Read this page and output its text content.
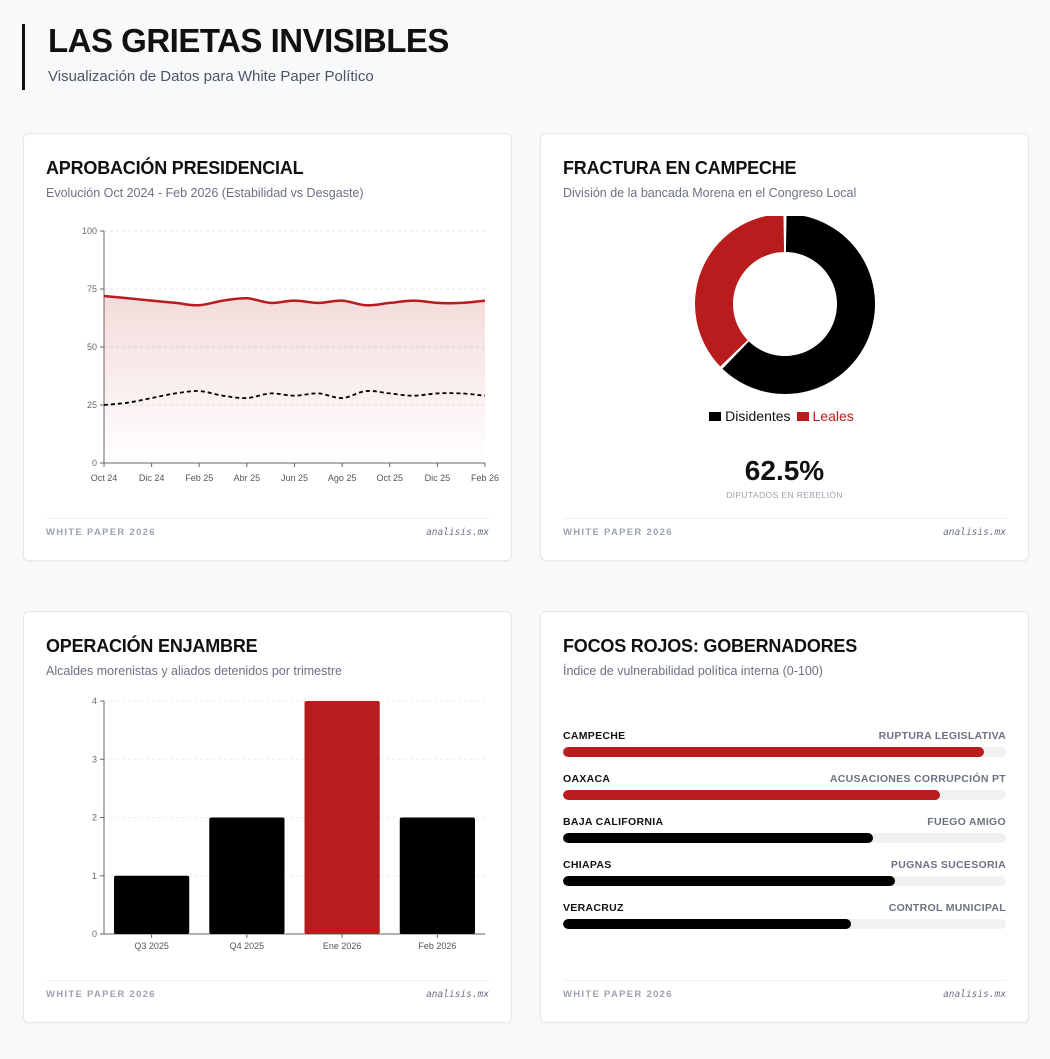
LAS GRIETAS INVISIBLES

Visualización de Datos para White Paper Político

APROBACIÓN PRESIDENCIAL
Evolución Oct 2024 - Feb 2026 (Estabilidad vs Desgaste)
0
25
50
75
100
Oct 24 Dic 24 Feb 25 Abr 25 Jun 25 Ago 25 Oct 25 Dic 25 Feb 26
WHITE PAPER 2026	analisis.mx
FRACTURA EN CAMPECHE
División de la bancada Morena en el Congreso Local
Disidentes Leales
62.5%
DIPUTADOS EN REBELIÓN
WHITE PAPER 2026	analisis.mx
OPERACIÓN ENJAMBRE
Alcaldes morenistas y aliados detenidos por trimestre
0
1
2
3
4
Q3 2025	Q4 2025	Ene 2026	Feb 2026
WHITE PAPER 2026	analisis.mx
FOCOS ROJOS: GOBERNADORES
Índice de vulnerabilidad política interna (0-100)
CAMPECHE	RUPTURA LEGISLATIVA
OAXACA	ACUSACIONES CORRUPCIÓN PT
BAJA CALIFORNIA	FUEGO AMIGO
CHIAPAS	PUGNAS SUCESORIA
VERACRUZ	CONTROL MUNICIPAL
WHITE PAPER 2026	analisis.mx
